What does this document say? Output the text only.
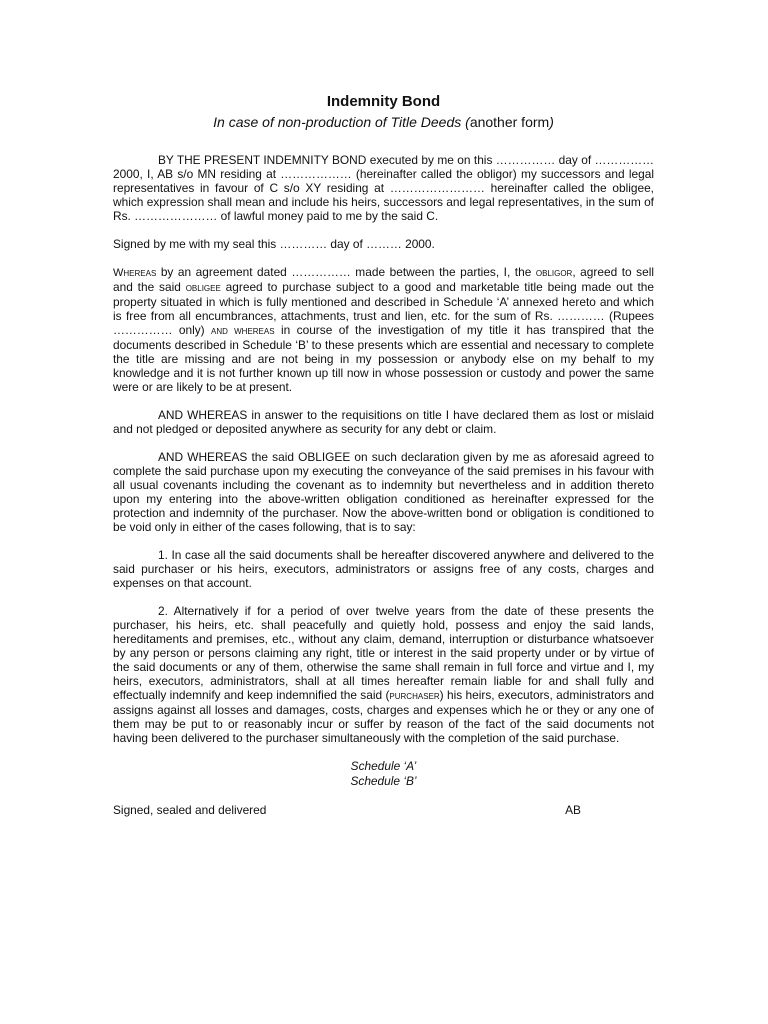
Indemnity Bond
In case of non-production of Title Deeds (another form)

BY THE PRESENT INDEMNITY BOND executed by me on this …………… day of ……………2000, I, AB s/o MN residing at ……………… (hereinafter called the obligor) my successors and legal representatives in favour of C s/o XY residing at …………………… hereinafter called the obligee, which expression shall mean and include his heirs, successors and legal representatives, in the sum of Rs. ………………… of lawful money paid to me by the said C.

Signed by me with my seal this ………… day of ……… 2000.

Whereas by an agreement dated …………… made between the parties, I, the obligor, agreed to sell and the said obligee agreed to purchase subject to a good and marketable title being made out the property situated in which is fully mentioned and described in Schedule ‘A’ annexed hereto and which is free from all encumbrances, attachments, trust and lien, etc. for the sum of Rs. ………… (Rupees …………… only) and whereas in course of the investigation of my title it has transpired that the documents described in Schedule ‘B’ to these presents which are essential and necessary to complete the title are missing and are not being in my possession or anybody else on my behalf to my knowledge and it is not further known up till now in whose possession or custody and power the same were or are likely to be at present.

AND WHEREAS in answer to the requisitions on title I have declared them as lost or mislaid and not pledged or deposited anywhere as security for any debt or claim.

AND WHEREAS the said OBLIGEE on such declaration given by me as aforesaid agreed to complete the said purchase upon my executing the conveyance of the said premises in his favour with all usual covenants including the covenant as to indemnity but nevertheless and in addition thereto upon my entering into the above-written obligation conditioned as hereinafter expressed for the protection and indemnity of the purchaser. Now the above-written bond or obligation is conditioned to be void only in either of the cases following, that is to say:

1. In case all the said documents shall be hereafter discovered anywhere and delivered to the said purchaser or his heirs, executors, administrators or assigns free of any costs, charges and expenses on that account.

2. Alternatively if for a period of over twelve years from the date of these presents the purchaser, his heirs, etc. shall peacefully and quietly hold, possess and enjoy the said lands, hereditaments and premises, etc., without any claim, demand, interruption or disturbance whatsoever by any person or persons claiming any right, title or interest in the said property under or by virtue of the said documents or any of them, otherwise the same shall remain in full force and virtue and I, my heirs, executors, administrators, shall at all times hereafter remain liable for and shall fully and effectually indemnify and keep indemnified the said (purchaser) his heirs, executors, administrators and assigns against all losses and damages, costs, charges and expenses which he or they or any one of them may be put to or reasonably incur or suffer by reason of the fact of the said documents not having been delivered to the purchaser simultaneously with the completion of the said purchase.

Schedule ‘A’
Schedule ‘B’
Signed, sealed and delivered	AB
